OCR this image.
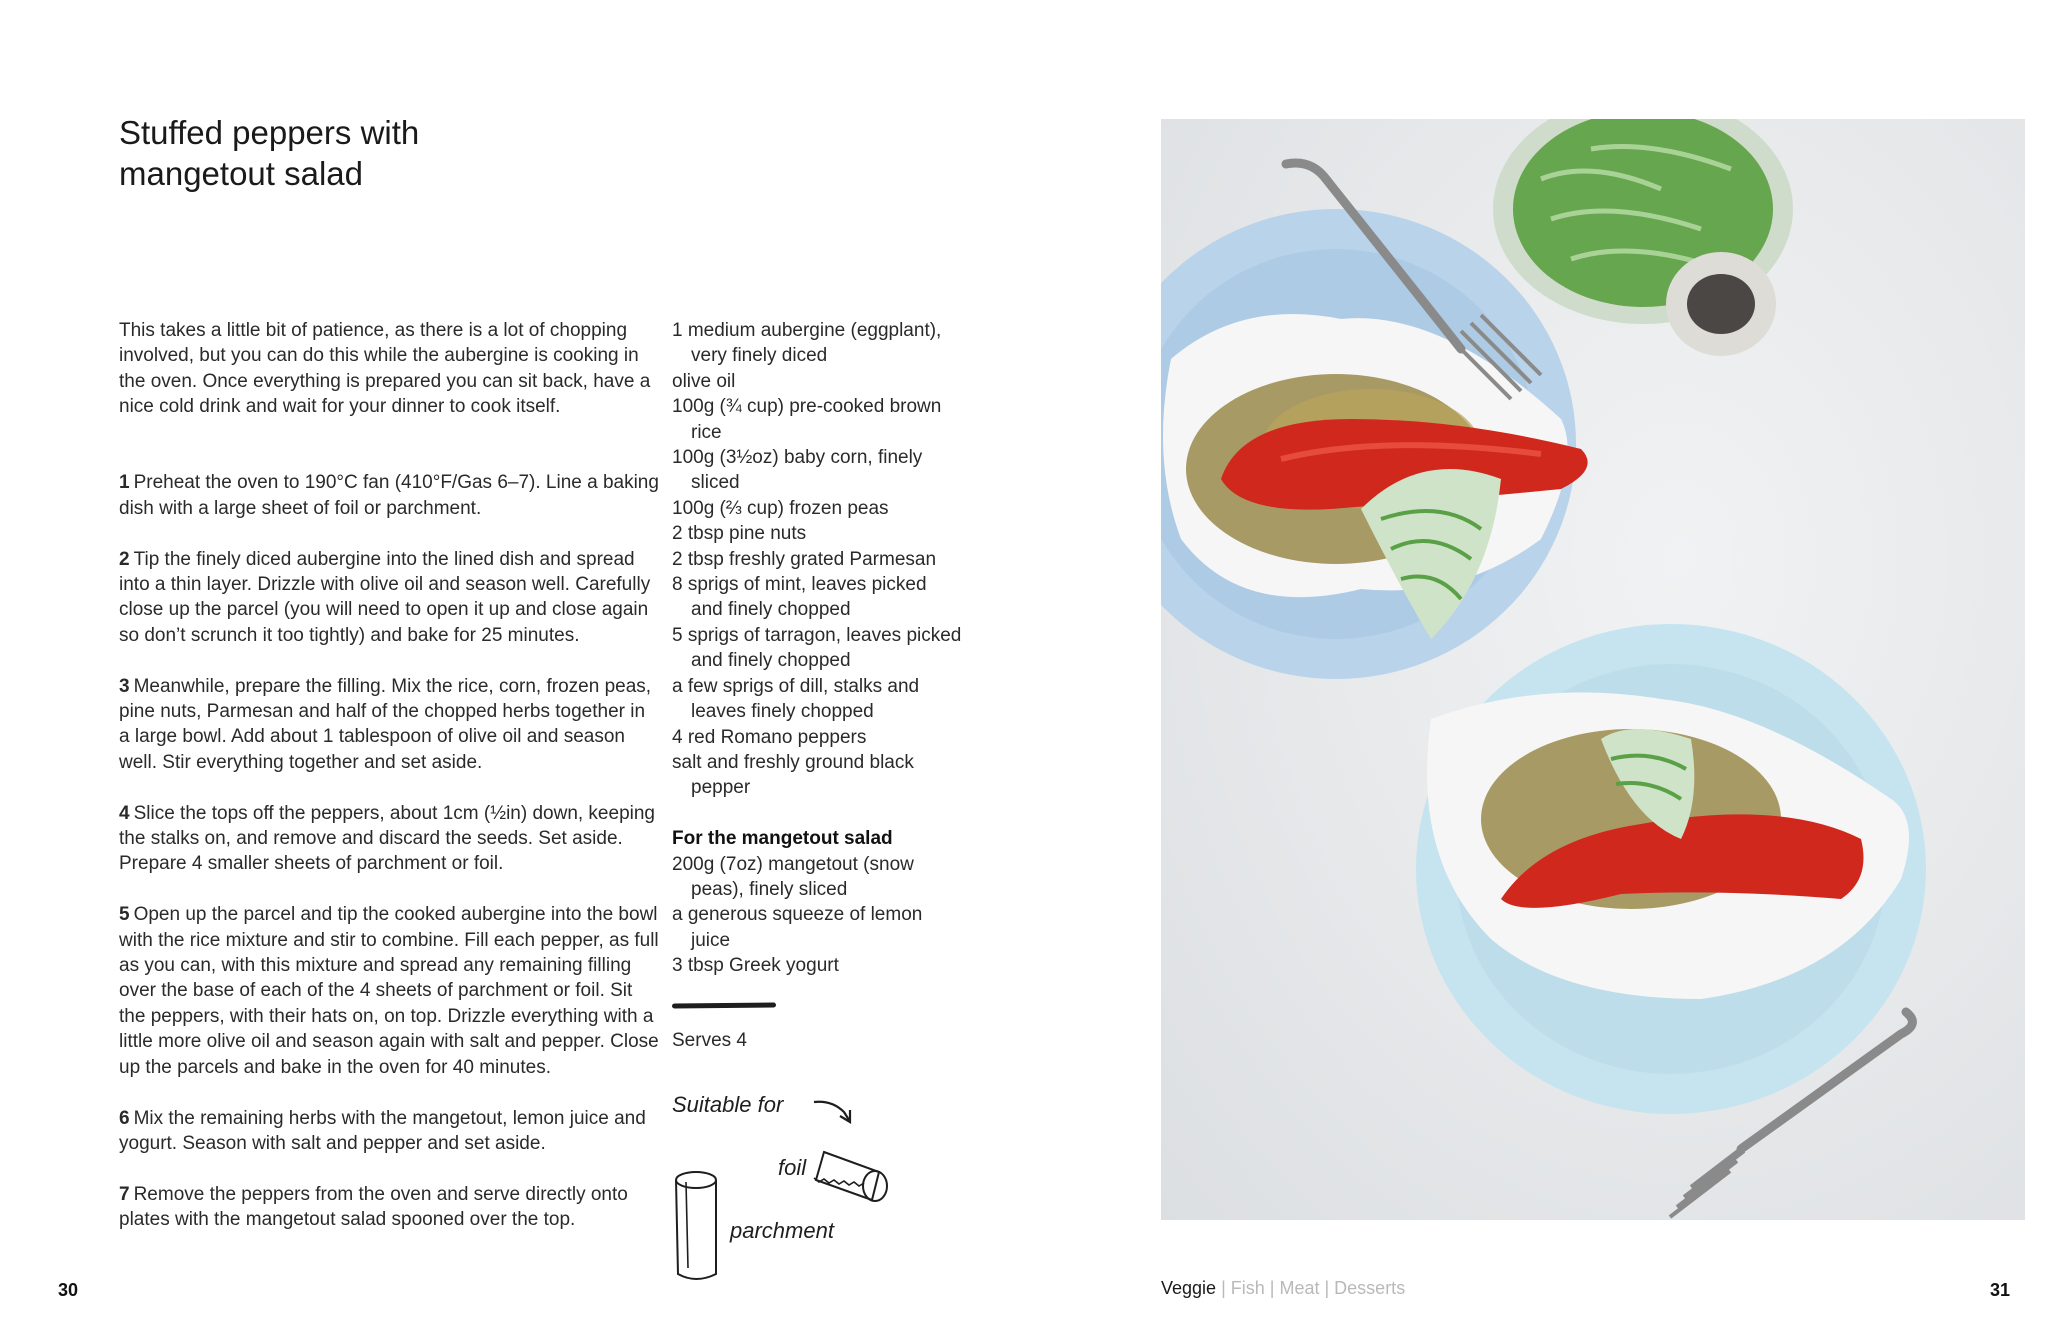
Stuffed peppers with
mangetout salad

This takes a little bit of patience, as there is a lot of chopping involved, but you can do this while the aubergine is cooking in the oven. Once everything is prepared you can sit back, have a nice cold drink and wait for your dinner to cook itself.

1 Preheat the oven to 190°C fan (410°F/Gas 6–7). Line a baking dish with a large sheet of foil or parchment.

2 Tip the finely diced aubergine into the lined dish and spread into a thin layer. Drizzle with olive oil and season well. Carefully close up the parcel (you will need to open it up and close again so don’t scrunch it too tightly) and bake for 25 minutes.

3 Meanwhile, prepare the filling. Mix the rice, corn, frozen peas, pine nuts, Parmesan and half of the chopped herbs together in a large bowl. Add about 1 tablespoon of olive oil and season well. Stir everything together and set aside.

4 Slice the tops off the peppers, about 1cm (½in) down, keeping the stalks on, and remove and discard the seeds. Set aside. Prepare 4 smaller sheets of parchment or foil.

5 Open up the parcel and tip the cooked aubergine into the bowl with the rice mixture and stir to combine. Fill each pepper, as full as you can, with this mixture and spread any remaining filling over the base of each of the 4 sheets of parchment or foil. Sit the peppers, with their hats on, on top. Drizzle everything with a little more olive oil and season again with salt and pepper. Close up the parcels and bake in the oven for 40 minutes.

6 Mix the remaining herbs with the mangetout, lemon juice and yogurt. Season with salt and pepper and set aside.

7 Remove the peppers from the oven and serve directly onto plates with the mangetout salad spooned over the top.

1 medium aubergine (eggplant), very finely diced
olive oil
100g (¾ cup) pre-cooked brown rice
100g (3½oz) baby corn, finely sliced
100g (⅔ cup) frozen peas
2 tbsp pine nuts
2 tbsp freshly grated Parmesan
8 sprigs of mint, leaves picked and finely chopped
5 sprigs of tarragon, leaves picked and finely chopped
a few sprigs of dill, stalks and leaves finely chopped
4 red Romano peppers
salt and freshly ground black pepper
For the mangetout salad
200g (7oz) mangetout (snow peas), finely sliced
a generous squeeze of lemon juice
3 tbsp Greek yogurt
Serves 4
Suitable for
foil
parchment
30	Veggie | Fish | Meat | Desserts	31
